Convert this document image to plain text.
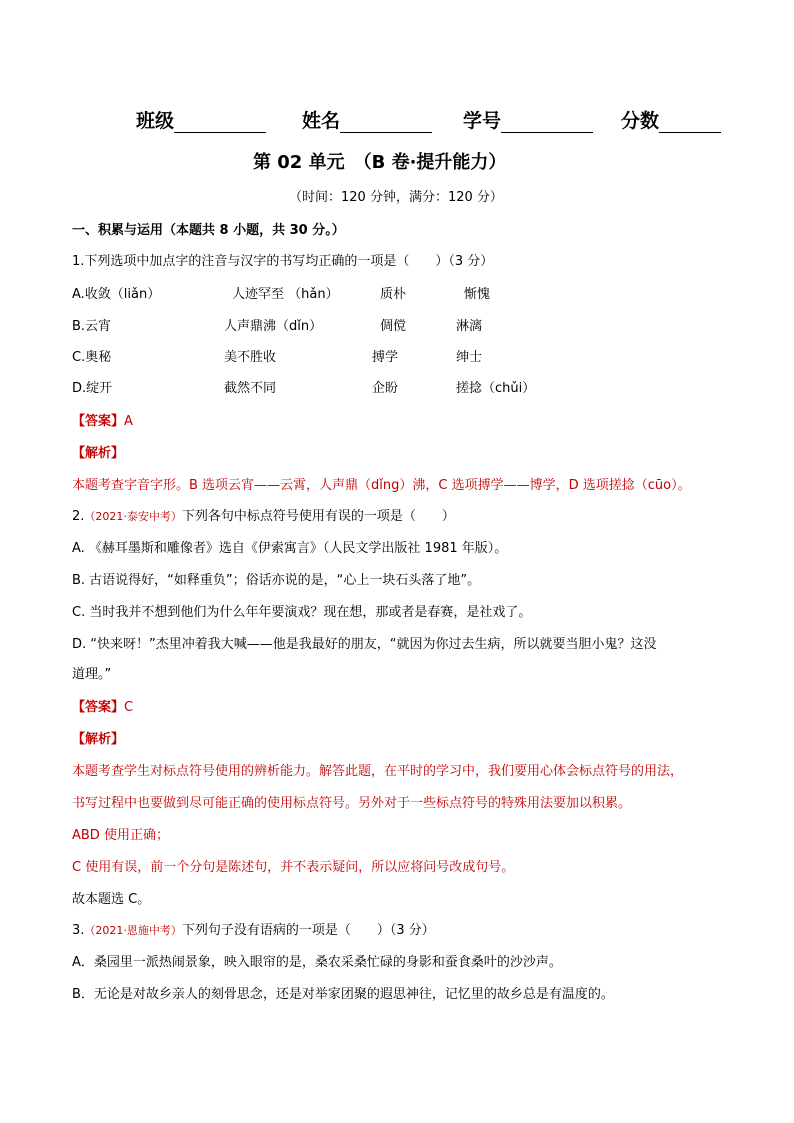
班级	姓名	学号	分数
第 02 单元　（B 卷·提升能力）
（时间：120 分钟，满分：120 分）
一、积累与运用（本题共 8 小题，共 30 分。）
1.下列选项中加点字的注音与汉字的书写均正确的一项是（　　）（3 分）
A.收敛（liǎn）	人迹罕至 （hǎn）	质朴	惭愧
B.云宵	人声鼎沸（dǐn）	倜傥	淋漓
C.奥秘	美不胜收	搏学	绅士
D.绽开	截然不同	企盼	搓捻（chǔi）
【答案】A
【解析】
本题考查字音字形。B 选项云宵——云霄，人声鼎（dǐng）沸，C 选项搏学——博学，D 选项搓捻（cūo）。
2.（2021·泰安中考）下列各句中标点符号使用有误的一项是（　　）
A. 《赫耳墨斯和雕像者》选自《伊索寓言》（人民文学出版社 1981 年版）。
B. 古语说得好，“如释重负”；俗话亦说的是，“心上一块石头落了地”。
C. 当时我并不想到他们为什么年年要演戏？现在想，那或者是春赛，是社戏了。
D. “快来呀！”杰里冲着我大喊——他是我最好的朋友，“就因为你过去生病，所以就要当胆小鬼？这没
道理。”
【答案】C
【解析】
本题考查学生对标点符号使用的辨析能力。解答此题，在平时的学习中，我们要用心体会标点符号的用法，
书写过程中也要做到尽可能正确的使用标点符号。另外对于一些标点符号的特殊用法要加以积累。
ABD 使用正确；
C 使用有误，前一个分句是陈述句，并不表示疑问，所以应将问号改成句号。
故本题选 C。
3.（2021·恩施中考）下列句子没有语病的一项是（　　）（3 分）
A．桑园里一派热闹景象，映入眼帘的是，桑农采桑忙碌的身影和蚕食桑叶的沙沙声。
B．无论是对故乡亲人的刻骨思念，还是对举家团聚的遐思神往，记忆里的故乡总是有温度的。
